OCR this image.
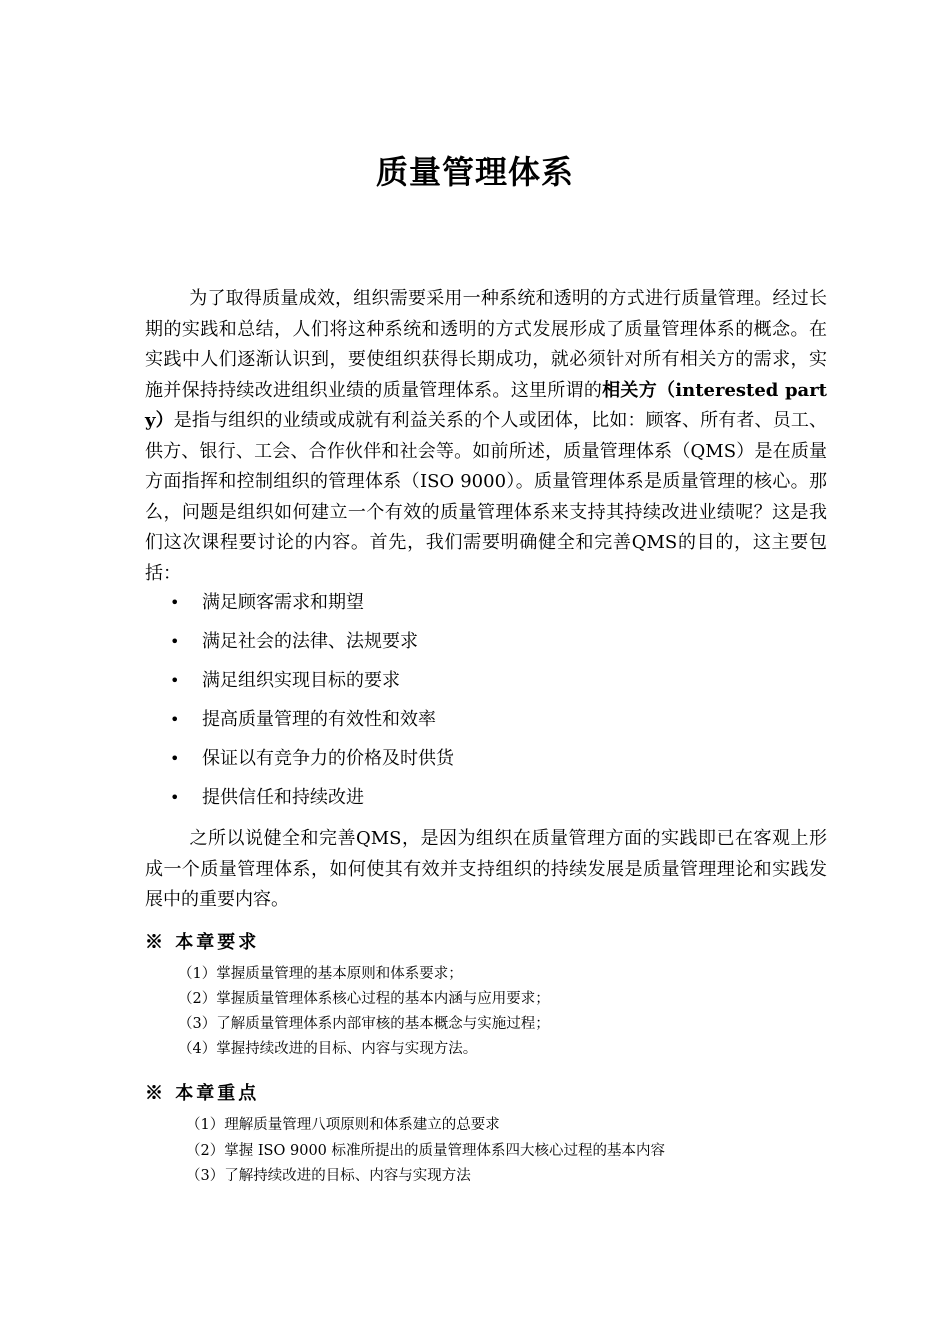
质量管理体系
为了取得质量成效，组织需要采用一种系统和透明的方式进行质量管理。经过长期的实践和总结，人们将这种系统和透明的方式发展形成了质量管理体系的概念。在实践中人们逐渐认识到，要使组织获得长期成功，就必须针对所有相关方的需求，实施并保持持续改进组织业绩的质量管理体系。这里所谓的相关方（interested party）是指与组织的业绩或成就有利益关系的个人或团体，比如：顾客、所有者、员工、供方、银行、工会、合作伙伴和社会等。如前所述，质量管理体系（QMS）是在质量方面指挥和控制组织的管理体系（ISO 9000）。质量管理体系是质量管理的核心。那么，问题是组织如何建立一个有效的质量管理体系来支持其持续改进业绩呢？这是我们这次课程要讨论的内容。首先，我们需要明确健全和完善QMS的目的，这主要包括：
•	满足顾客需求和期望
•	满足社会的法律、法规要求
•	满足组织实现目标的要求
•	提高质量管理的有效性和效率
•	保证以有竞争力的价格及时供货
•	提供信任和持续改进
之所以说健全和完善QMS，是因为组织在质量管理方面的实践即已在客观上形成一个质量管理体系，如何使其有效并支持组织的持续发展是质量管理理论和实践发展中的重要内容。
※ 本章要求
（1）掌握质量管理的基本原则和体系要求；
（2）掌握质量管理体系核心过程的基本内涵与应用要求；
（3）了解质量管理体系内部审核的基本概念与实施过程；
（4）掌握持续改进的目标、内容与实现方法。
※ 本章重点
（1）理解质量管理八项原则和体系建立的总要求
（2）掌握 ISO 9000 标准所提出的质量管理体系四大核心过程的基本内容
（3）了解持续改进的目标、内容与实现方法
